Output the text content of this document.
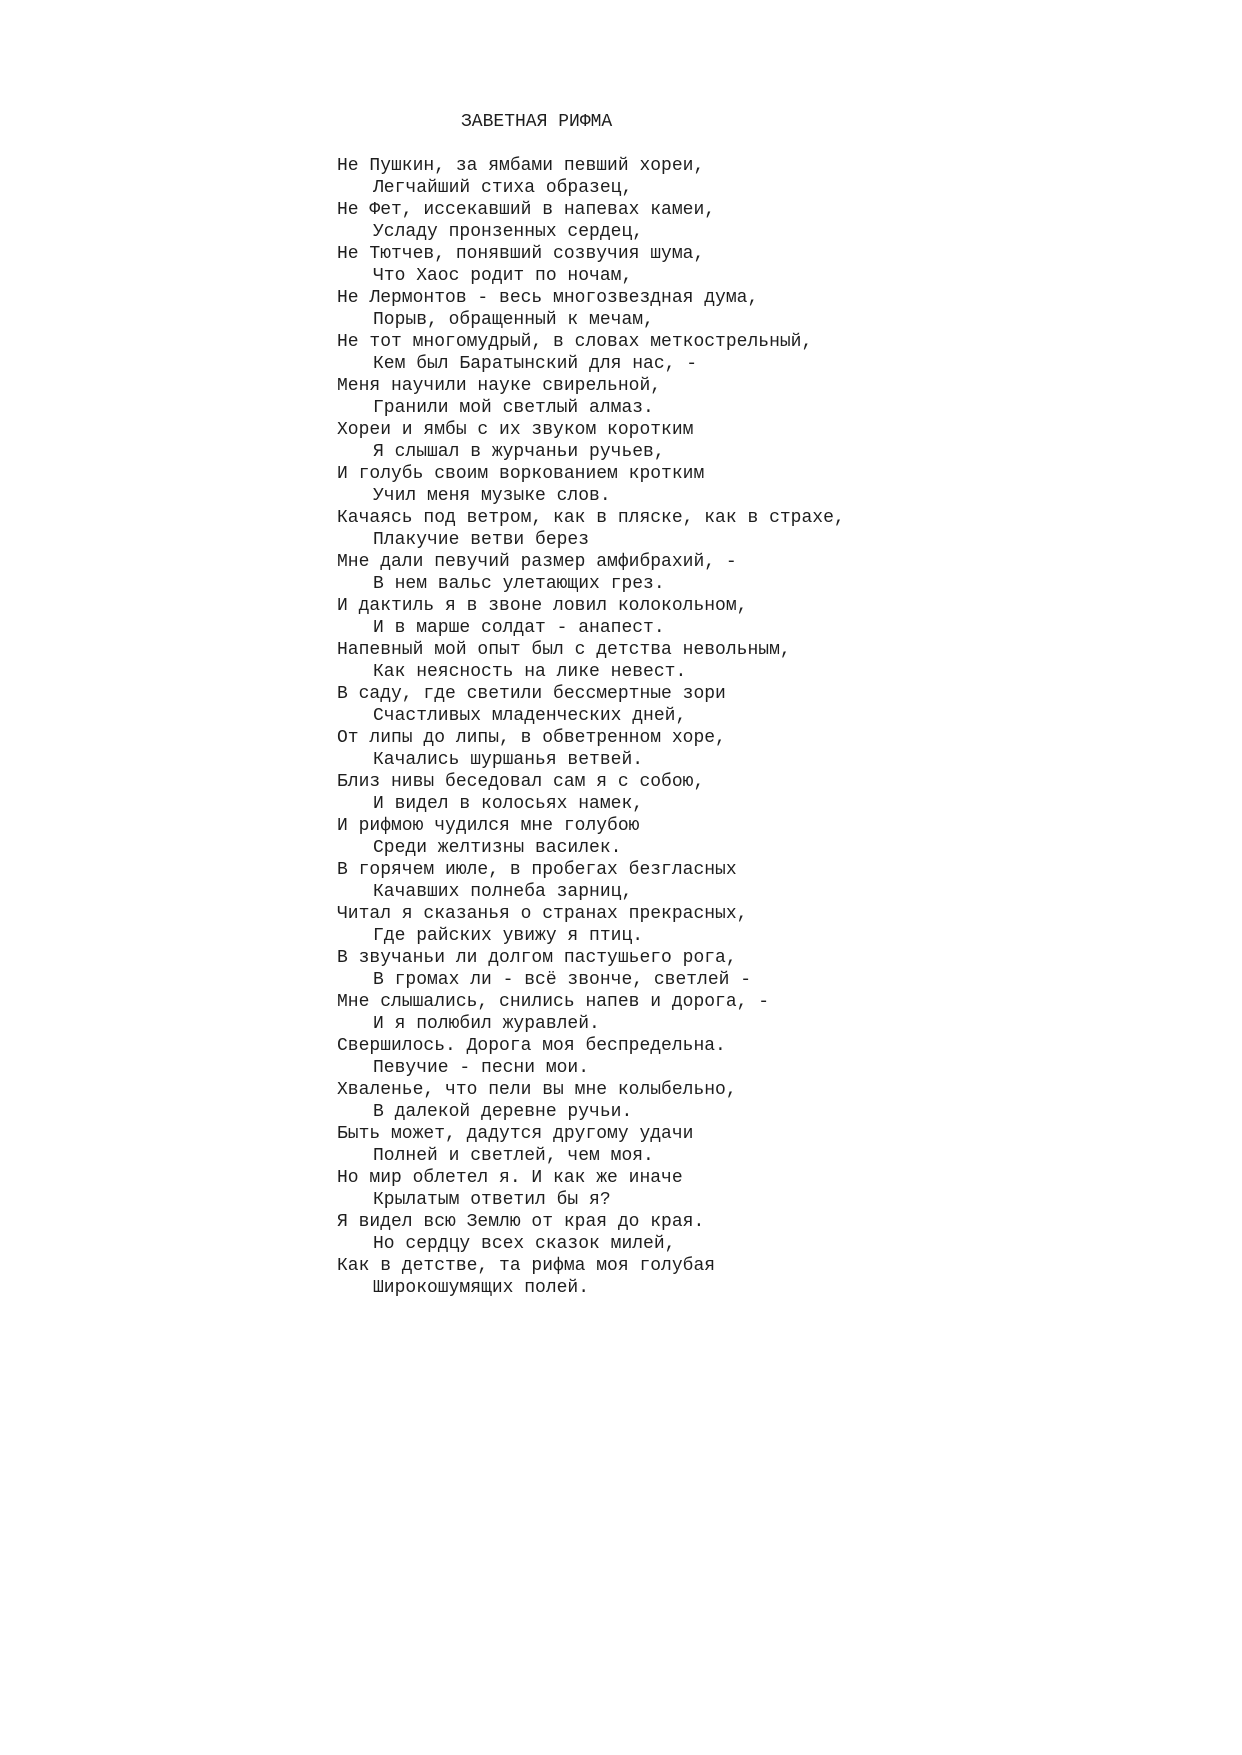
ЗАВЕТНАЯ РИФМА
Не Пушкин, за ямбами певший хореи,
Легчайший стиха образец,
Не Фет, иссекавший в напевах камеи,
Усладу пронзенных сердец,
Не Тютчев, понявший созвучия шума,
Что Хаос родит по ночам,
Не Лермонтов - весь многозвездная дума,
Порыв, обращенный к мечам,
Не тот многомудрый, в словах меткострельный,
Кем был Баратынский для нас, -
Меня научили науке свирельной,
Гранили мой светлый алмаз.
Хореи и ямбы с их звуком коротким
Я слышал в журчаньи ручьев,
И голубь своим воркованием кротким
Учил меня музыке слов.
Качаясь под ветром, как в пляске, как в страхе,
Плакучие ветви берез
Мне дали певучий размер амфибрахий, -
В нем вальс улетающих грез.
И дактиль я в звоне ловил колокольном,
И в марше солдат - анапест.
Напевный мой опыт был с детства невольным,
Как неясность на лике невест.
В саду, где светили бессмертные зори
Счастливых младенческих дней,
От липы до липы, в обветренном хоре,
Качались шуршанья ветвей.
Близ нивы беседовал сам я с собою,
И видел в колосьях намек,
И рифмою чудился мне голубою
Среди желтизны василек.
В горячем июле, в пробегах безгласных
Качавших полнеба зарниц,
Читал я сказанья о странах прекрасных,
Где райских увижу я птиц.
В звучаньи ли долгом пастушьего рога,
В громах ли - всё звонче, светлей -
Мне слышались, снились напев и дорога, -
И я полюбил журавлей.
Свершилось. Дорога моя беспредельна.
Певучие - песни мои.
Хваленье, что пели вы мне колыбельно,
В далекой деревне ручьи.
Быть может, дадутся другому удачи
Полней и светлей, чем моя.
Но мир облетел я. И как же иначе
Крылатым ответил бы я?
Я видел всю Землю от края до края.
Но сердцу всех сказок милей,
Как в детстве, та рифма моя голубая
Широкошумящих полей.
